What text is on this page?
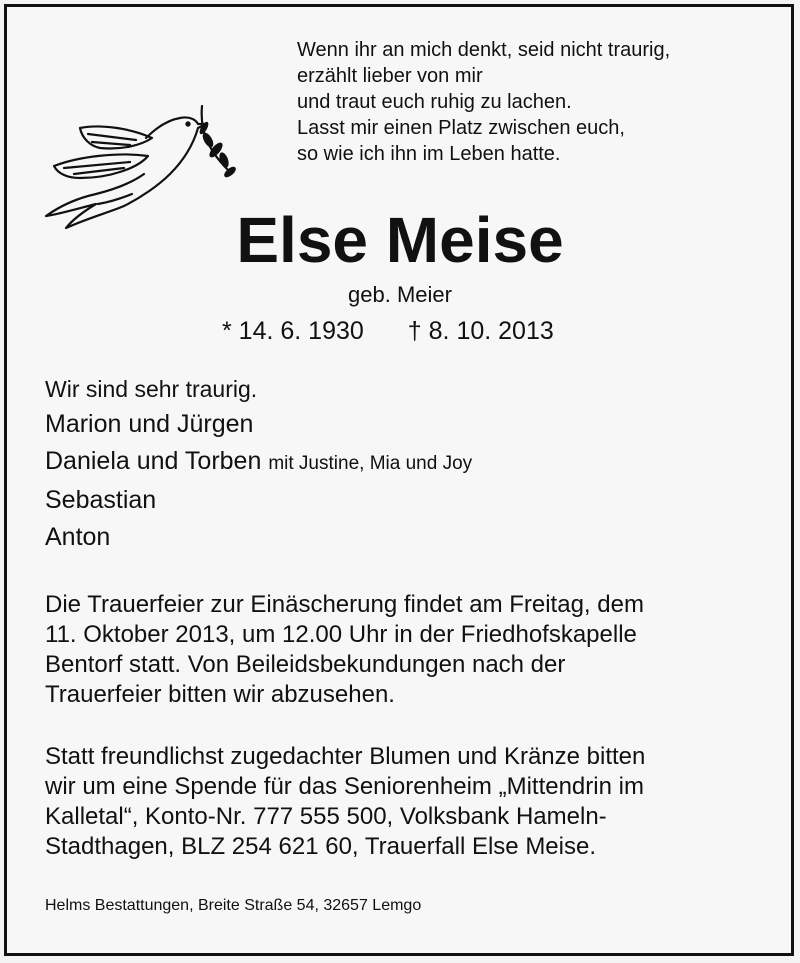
Wenn ihr an mich denkt, seid nicht traurig,
erzählt lieber von mir
und traut euch ruhig zu lachen.
Lasst mir einen Platz zwischen euch,
so wie ich ihn im Leben hatte.
Else Meise
geb. Meier
* 14. 6. 1930 † 8. 10. 2013
Wir sind sehr traurig.
Marion und Jürgen
Daniela und Torben mit Justine, Mia und Joy
Sebastian
Anton
Die Trauerfeier zur Einäscherung findet am Freitag, dem
11. Oktober 2013, um 12.00 Uhr in der Friedhofskapelle
Bentorf statt. Von Beileidsbekundungen nach der
Trauerfeier bitten wir abzusehen.
Statt freundlichst zugedachter Blumen und Kränze bitten
wir um eine Spende für das Seniorenheim „Mittendrin im
Kalletal“, Konto-Nr. 777 555 500, Volksbank Hameln-
Stadthagen, BLZ 254 621 60, Trauerfall Else Meise.
Helms Bestattungen, Breite Straße 54, 32657 Lemgo
